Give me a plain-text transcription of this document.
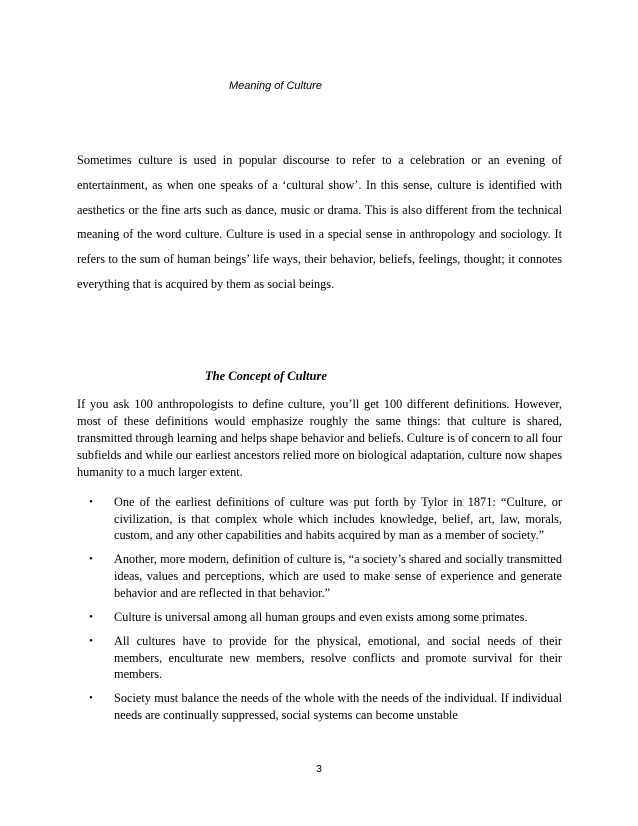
Meaning of Culture

Sometimes culture is used in popular discourse to refer to a celebration or an evening of entertainment, as when one speaks of a ‘cultural show’. In this sense, culture is identified with aesthetics or the fine arts such as dance, music or drama. This is also different from the technical meaning of the word culture. Culture is used in a special sense in anthropology and sociology. It refers to the sum of human beings’ life ways, their behavior, beliefs, feelings, thought; it connotes everything that is acquired by them as social beings.

The Concept of Culture

If you ask 100 anthropologists to define culture, you’ll get 100 different definitions. However, most of these definitions would emphasize roughly the same things: that culture is shared, transmitted through learning and helps shape behavior and beliefs. Culture is of concern to all four subfields and while our earliest ancestors relied more on biological adaptation, culture now shapes humanity to a much larger extent.

• One of the earliest definitions of culture was put forth by Tylor in 1871: “Culture, or civilization, is that complex whole which includes knowledge, belief, art, law, morals, custom, and any other capabilities and habits acquired by man as a member of society.”
• Another, more modern, definition of culture is, “a society’s shared and socially transmitted ideas, values and perceptions, which are used to make sense of experience and generate behavior and are reflected in that behavior.”
• Culture is universal among all human groups and even exists among some primates.
• All cultures have to provide for the physical, emotional, and social needs of their members, enculturate new members, resolve conflicts and promote survival for their members.
• Society must balance the needs of the whole with the needs of the individual. If individual needs are continually suppressed, social systems can become unstable
3
